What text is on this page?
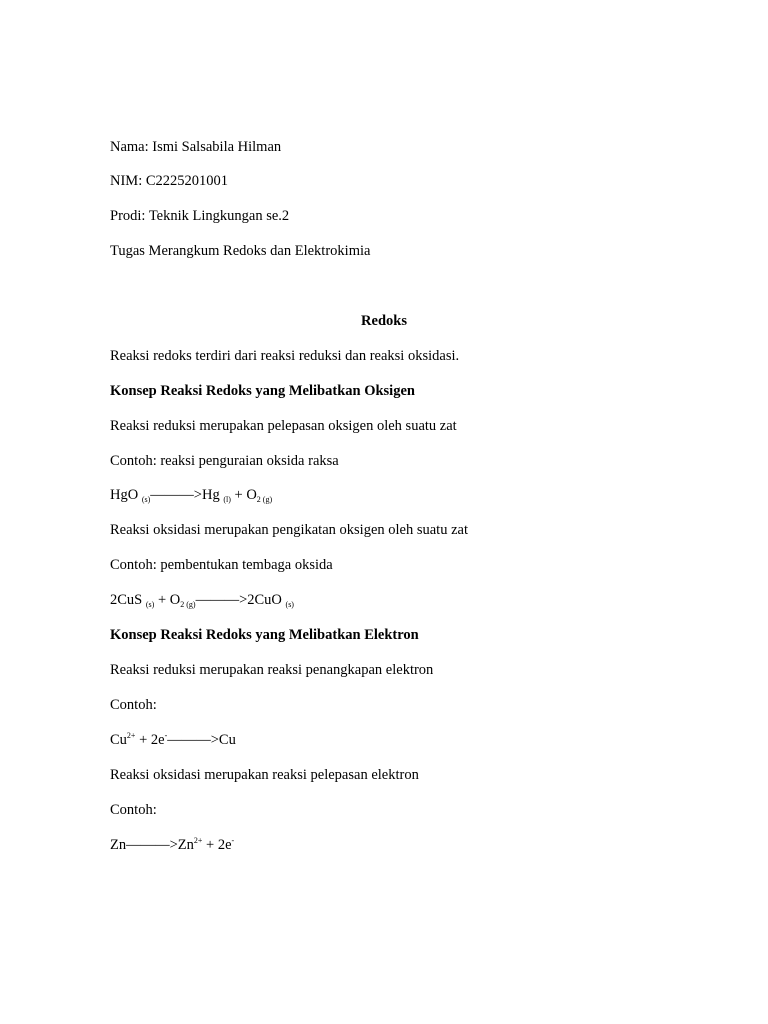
Nama: Ismi Salsabila Hilman
NIM: C2225201001
Prodi: Teknik Lingkungan se.2
Tugas Merangkum Redoks dan Elektrokimia
Redoks
Reaksi redoks terdiri dari reaksi reduksi dan reaksi oksidasi.
Konsep Reaksi Redoks yang Melibatkan Oksigen
Reaksi reduksi merupakan pelepasan oksigen oleh suatu zat
Contoh: reaksi penguraian oksida raksa
HgO $_{(s)}$———>Hg $_{(l)} + O_2$ $_{(g)}$
Reaksi oksidasi merupakan pengikatan oksigen oleh suatu zat
Contoh: pembentukan tembaga oksida
2CuS $_{(s)} + O_2$ $_{(g)}$———>2CuO $_{(s)}$
Konsep Reaksi Redoks yang Melibatkan Elektron
Reaksi reduksi merupakan reaksi penangkapan elektron
Contoh:
$Cu^{2+}$ + 2e-———>Cu
Reaksi oksidasi merupakan reaksi pelepasan elektron
Contoh:
$Zn———>Zn^{2+} + 2e^-$
